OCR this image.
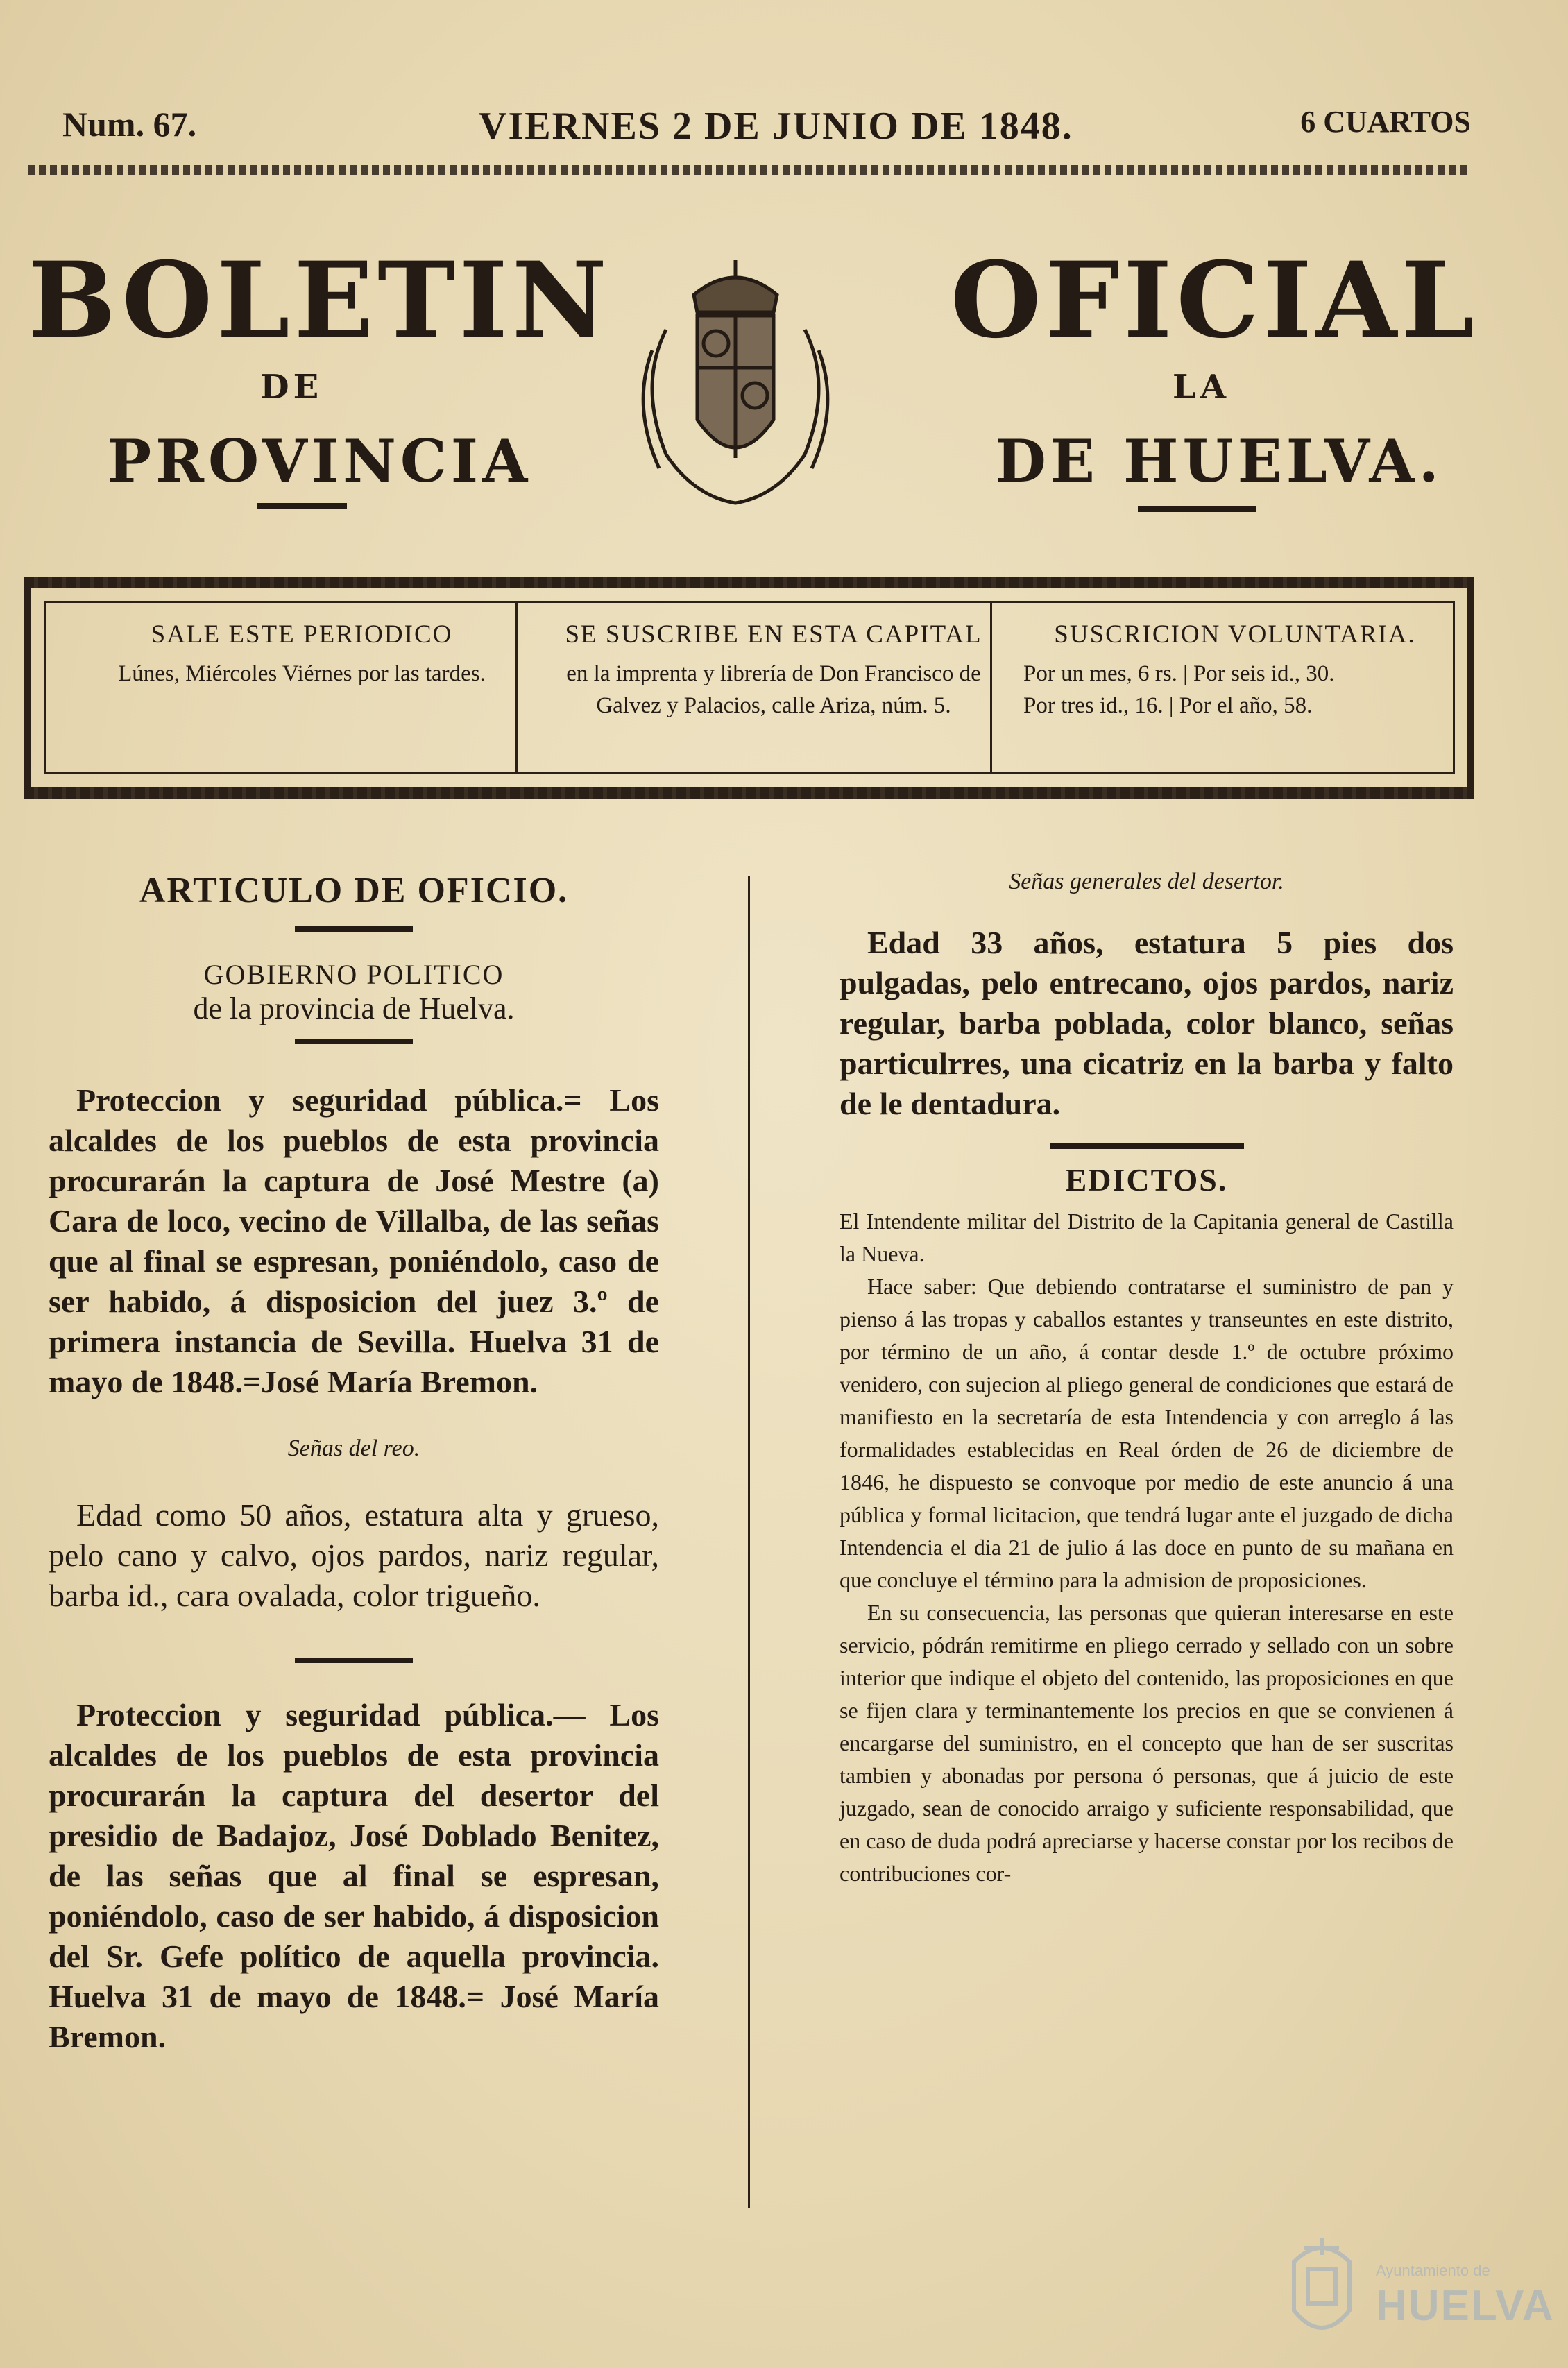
Num. 67.	VIERNES 2 DE JUNIO DE 1848.	6 CUARTOS
BOLETIN	OFICIAL
DE	LA
PROVINCIA	DE HUELVA.
SALE ESTE PERIODICO

Lúnes, Miércoles Viérnes por las tardes.

SE SUSCRIBE EN ESTA CAPITAL

en la imprenta y librería de Don Francisco de Galvez y Palacios, calle Ariza, núm. 5.

SUSCRICION VOLUNTARIA.
Por un mes, 6 rs. | Por seis id., 30.
Por tres id., 16. | Por el año, 58.
ARTICULO DE OFICIO.

GOBIERNO POLITICO

de la provincia de Huelva.

Proteccion y seguridad pública.= Los alcaldes de los pueblos de esta provincia procurarán la captura de José Mestre (a) Cara de loco, vecino de Villalba, de las señas que al final se espresan, poniéndolo, caso de ser habido, á disposicion del juez 3.º de primera instancia de Sevilla. Huelva 31 de mayo de 1848.=José María Bremon.

Señas del reo.

Edad como 50 años, estatura alta y grueso, pelo cano y calvo, ojos pardos, nariz regular, barba id., cara ovalada, color trigueño.

Proteccion y seguridad pública.— Los alcaldes de los pueblos de esta provincia procurarán la captura del desertor del presidio de Badajoz, José Doblado Benitez, de las señas que al final se espresan, poniéndolo, caso de ser habido, á disposicion del Sr. Gefe político de aquella provincia. Huelva 31 de mayo de 1848.= José María Bremon.

Señas generales del desertor.

Edad 33 años, estatura 5 pies dos pulgadas, pelo entrecano, ojos pardos, nariz regular, barba poblada, color blanco, señas particulrres, una cicatriz en la barba y falto de le dentadura.

EDICTOS.

El Intendente militar del Distrito de la Capitania general de Castilla la Nueva.

Hace saber: Que debiendo contratarse el suministro de pan y pienso á las tropas y caballos estantes y transeuntes en este distrito, por término de un año, á contar desde 1.º de octubre próximo venidero, con sujecion al pliego general de condiciones que estará de manifiesto en la secretaría de esta Intendencia y con arreglo á las formalidades establecidas en Real órden de 26 de diciembre de 1846, he dispuesto se convoque por medio de este anuncio á una pública y formal licitacion, que tendrá lugar ante el juzgado de dicha Intendencia el dia 21 de julio á las doce en punto de su mañana en que concluye el término para la admision de proposiciones.

En su consecuencia, las personas que quieran interesarse en este servicio, pódrán remitirme en pliego cerrado y sellado con un sobre interior que indique el objeto del contenido, las proposiciones en que se fijen clara y terminantemente los precios en que se convienen á encargarse del suministro, en el concepto que han de ser suscritas tambien y abonadas por persona ó personas, que á juicio de este juzgado, sean de conocido arraigo y suficiente responsabilidad, que en caso de duda podrá apreciarse y hacerse constar por los recibos de contribuciones cor-

Ayuntamiento de
HUELVA
